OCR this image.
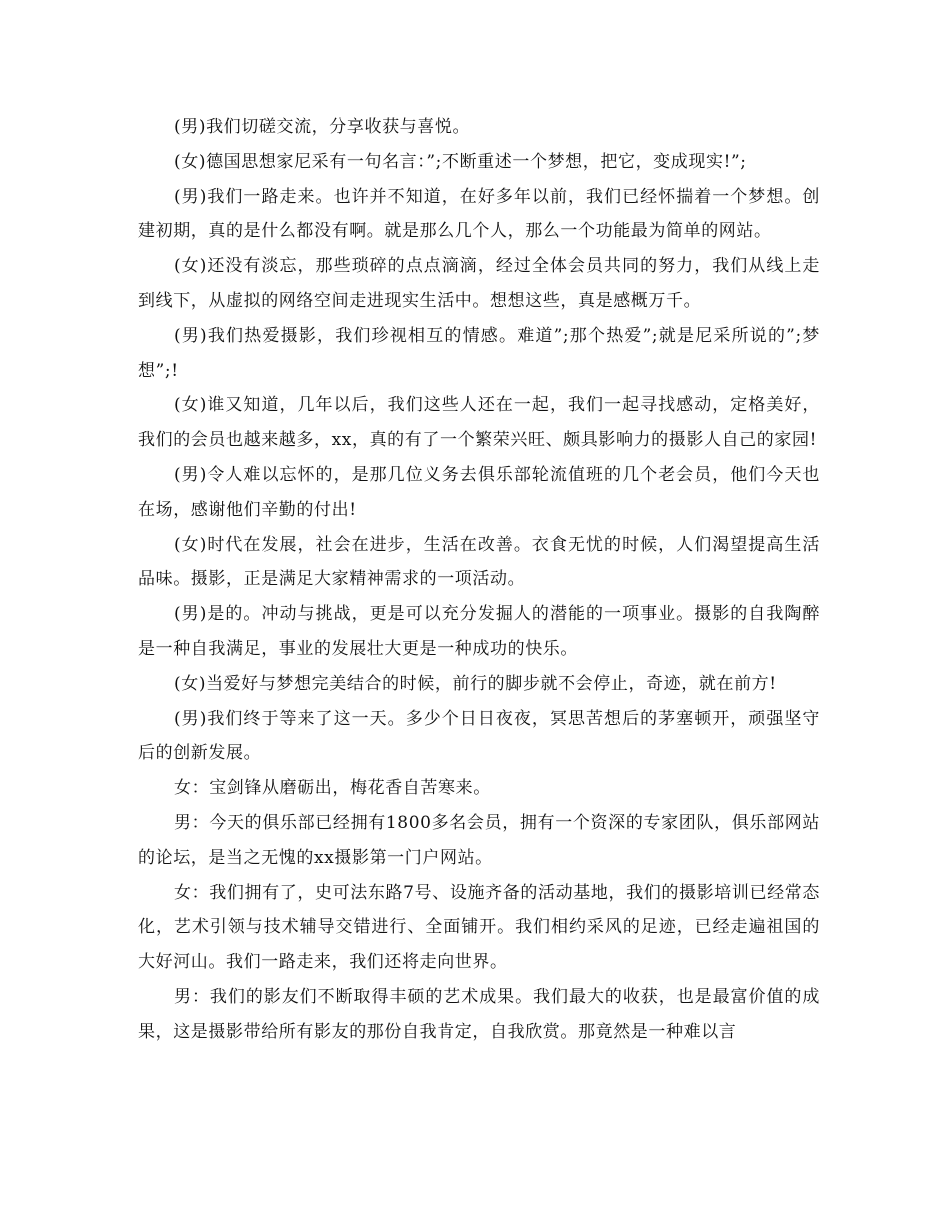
(男)我们切磋交流，分享收获与喜悦。

(女)德国思想家尼采有一句名言：”;不断重述一个梦想，把它，变成现实!”;

(男)我们一路走来。也许并不知道，在好多年以前，我们已经怀揣着一个梦想。创建初期，真的是什么都没有啊。就是那么几个人，那么一个功能最为简单的网站。

(女)还没有淡忘，那些琐碎的点点滴滴，经过全体会员共同的努力，我们从线上走到线下，从虚拟的网络空间走进现实生活中。想想这些，真是感概万千。

(男)我们热爱摄影，我们珍视相互的情感。难道”;那个热爱”;就是尼采所说的”;梦想”;!

(女)谁又知道，几年以后，我们这些人还在一起，我们一起寻找感动，定格美好，我们的会员也越来越多，xx，真的有了一个繁荣兴旺、颇具影响力的摄影人自己的家园!

(男)令人难以忘怀的，是那几位义务去俱乐部轮流值班的几个老会员，他们今天也在场，感谢他们辛勤的付出!

(女)时代在发展，社会在进步，生活在改善。衣食无忧的时候，人们渴望提高生活品味。摄影，正是满足大家精神需求的一项活动。

(男)是的。冲动与挑战，更是可以充分发掘人的潜能的一项事业。摄影的自我陶醉是一种自我满足，事业的发展壮大更是一种成功的快乐。

(女)当爱好与梦想完美结合的时候，前行的脚步就不会停止，奇迹，就在前方!

(男)我们终于等来了这一天。多少个日日夜夜，冥思苦想后的茅塞顿开，顽强坚守后的创新发展。

女：宝剑锋从磨砺出，梅花香自苦寒来。

男：今天的俱乐部已经拥有1800多名会员，拥有一个资深的专家团队，俱乐部网站的论坛，是当之无愧的xx摄影第一门户网站。

女：我们拥有了，史可法东路7号、设施齐备的活动基地，我们的摄影培训已经常态化，艺术引领与技术辅导交错进行、全面铺开。我们相约采风的足迹，已经走遍祖国的大好河山。我们一路走来，我们还将走向世界。

男：我们的影友们不断取得丰硕的艺术成果。我们最大的收获，也是最富价值的成果，这是摄影带给所有影友的那份自我肯定，自我欣赏。那竟然是一种难以言
